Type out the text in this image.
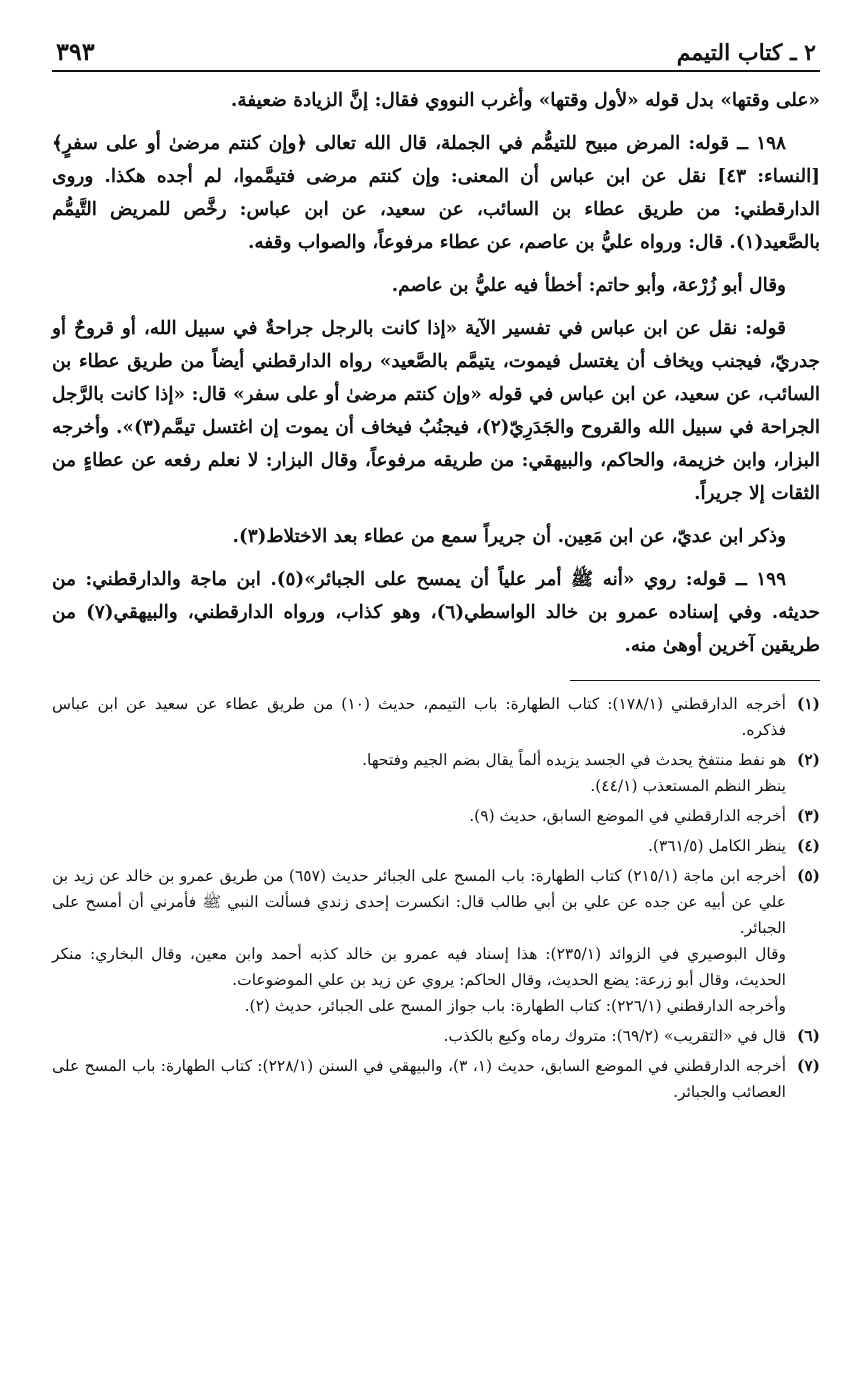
٢ ـ كتاب التيمم
٣٩٣

«على وقتها» بدل قوله «لأول وقتها» وأغرب النووي فقال: إنَّ الزيادة ضعيفة.

١٩٨ ــ قوله: المرض مبيح للتيمُّم في الجملة، قال الله تعالى ﴿وإن كنتم مرضىٰ أو على سفرٍ﴾ [النساء: ٤٣] نقل عن ابن عباس أن المعنى: وإن كنتم مرضى فتيمَّموا، لم أجده هكذا. وروى الدارقطني: من طريق عطاء بن السائب، عن سعيد، عن ابن عباس: رخَّص للمريض التَّيمُّم بالصَّعيد(١). قال: ورواه عليُّ بن عاصم، عن عطاء مرفوعاً، والصواب وقفه.

وقال أبو زُرْعة، وأبو حاتم: أخطأ فيه عليُّ بن عاصم.

قوله: نقل عن ابن عباس في تفسير الآية «إذا كانت بالرجل جراحةٌ في سبيل الله، أو قروحٌ أو جدريّ، فيجنب ويخاف أن يغتسل فيموت، يتيمَّم بالصَّعيد» رواه الدارقطني أيضاً من طريق عطاء بن السائب، عن سعيد، عن ابن عباس في قوله «وإن كنتم مرضىٰ أو على سفر» قال: «إذا كانت بالرَّجل الجراحة في سبيل الله والقروح والجَدَرِيّ(٢)، فيجنُبُ فيخاف أن يموت إن اغتسل تيمَّم(٣)». وأخرجه البزار، وابن خزيمة، والحاكم، والبيهقي: من طريقه مرفوعاً، وقال البزار: لا نعلم رفعه عن عطاءٍ من الثقات إلا جريراً.

وذكر ابن عديّ، عن ابن مَعِين. أن جريراً سمع من عطاء بعد الاختلاط(٣).

١٩٩ ــ قوله: روي «أنه ﷺ أمر علياً أن يمسح على الجبائر»(٥). ابن ماجة والدارقطني: من حديثه. وفي إسناده عمرو بن خالد الواسطي(٦)، وهو كذاب، ورواه الدارقطني، والبيهقي(٧) من طريقين آخرين أوهىٰ منه.

(١)
أخرجه الدارقطني (١٧٨/١): كتاب الطهارة: باب التيمم، حديث (١٠) من طريق عطاء عن سعيد عن ابن عباس فذكره.
(٢)
هو نفط منتفخ يحدث في الجسد يزيده ألماً يقال بضم الجيم وفتحها.
ينظر النظم المستعذب (٤٤/١).
(٣)
أخرجه الدارقطني في الموضع السابق، حديث (٩).
(٤)
ينظر الكامل (٣٦١/٥).
(٥)
أخرجه ابن ماجة (٢١٥/١) كتاب الطهارة: باب المسح على الجبائر حديث (٦٥٧) من طريق عمرو بن خالد عن زيد بن علي عن أبيه عن جده عن علي بن أبي طالب قال: انكسرت إحدى زندي فسألت النبي ﷺ فأمرني أن أمسح على الجبائر.
وقال البوصيري في الزوائد (٢٣٥/١): هذا إسناد فيه عمرو بن خالد كذبه أحمد وابن معين، وقال البخاري: منكر الحديث، وقال أبو زرعة: يضع الحديث، وقال الحاكم: يروي عن زيد بن علي الموضوعات.
وأخرجه الدارقطني (٢٢٦/١): كتاب الطهارة: باب جواز المسح على الجبائر، حديث (٢).
(٦)
قال في «التقريب» (٦٩/٢): متروك رماه وكيع بالكذب.
(٧)
أخرجه الدارقطني في الموضع السابق، حديث (١، ٣)، والبيهقي في السنن (٢٢٨/١): كتاب الطهارة: باب المسح على العصائب والجبائر.
